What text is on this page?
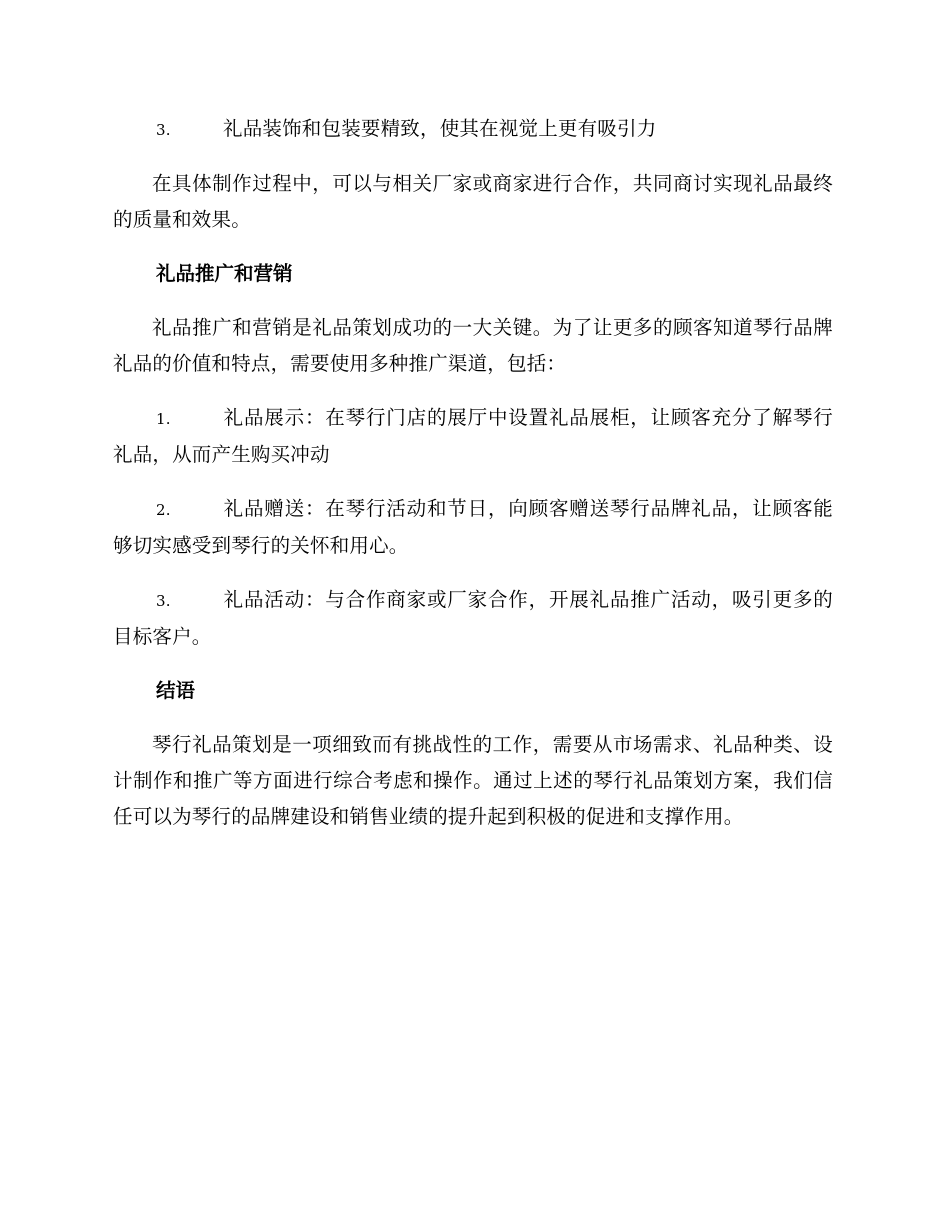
3.	礼品装饰和包装要精致，使其在视觉上更有吸引力

在具体制作过程中，可以与相关厂家或商家进行合作，共同商讨实现礼品最终的质量和效果。

礼品推广和营销

礼品推广和营销是礼品策划成功的一大关键。为了让更多的顾客知道琴行品牌礼品的价值和特点，需要使用多种推广渠道，包括：

1.	礼品展示：在琴行门店的展厅中设置礼品展柜，让顾客充分了解琴行礼品，从而产生购买冲动

2.	礼品赠送：在琴行活动和节日，向顾客赠送琴行品牌礼品，让顾客能够切实感受到琴行的关怀和用心。

3.	礼品活动：与合作商家或厂家合作，开展礼品推广活动，吸引更多的目标客户。

结语

琴行礼品策划是一项细致而有挑战性的工作，需要从市场需求、礼品种类、设计制作和推广等方面进行综合考虑和操作。通过上述的琴行礼品策划方案，我们信任可以为琴行的品牌建设和销售业绩的提升起到积极的促进和支撑作用。
